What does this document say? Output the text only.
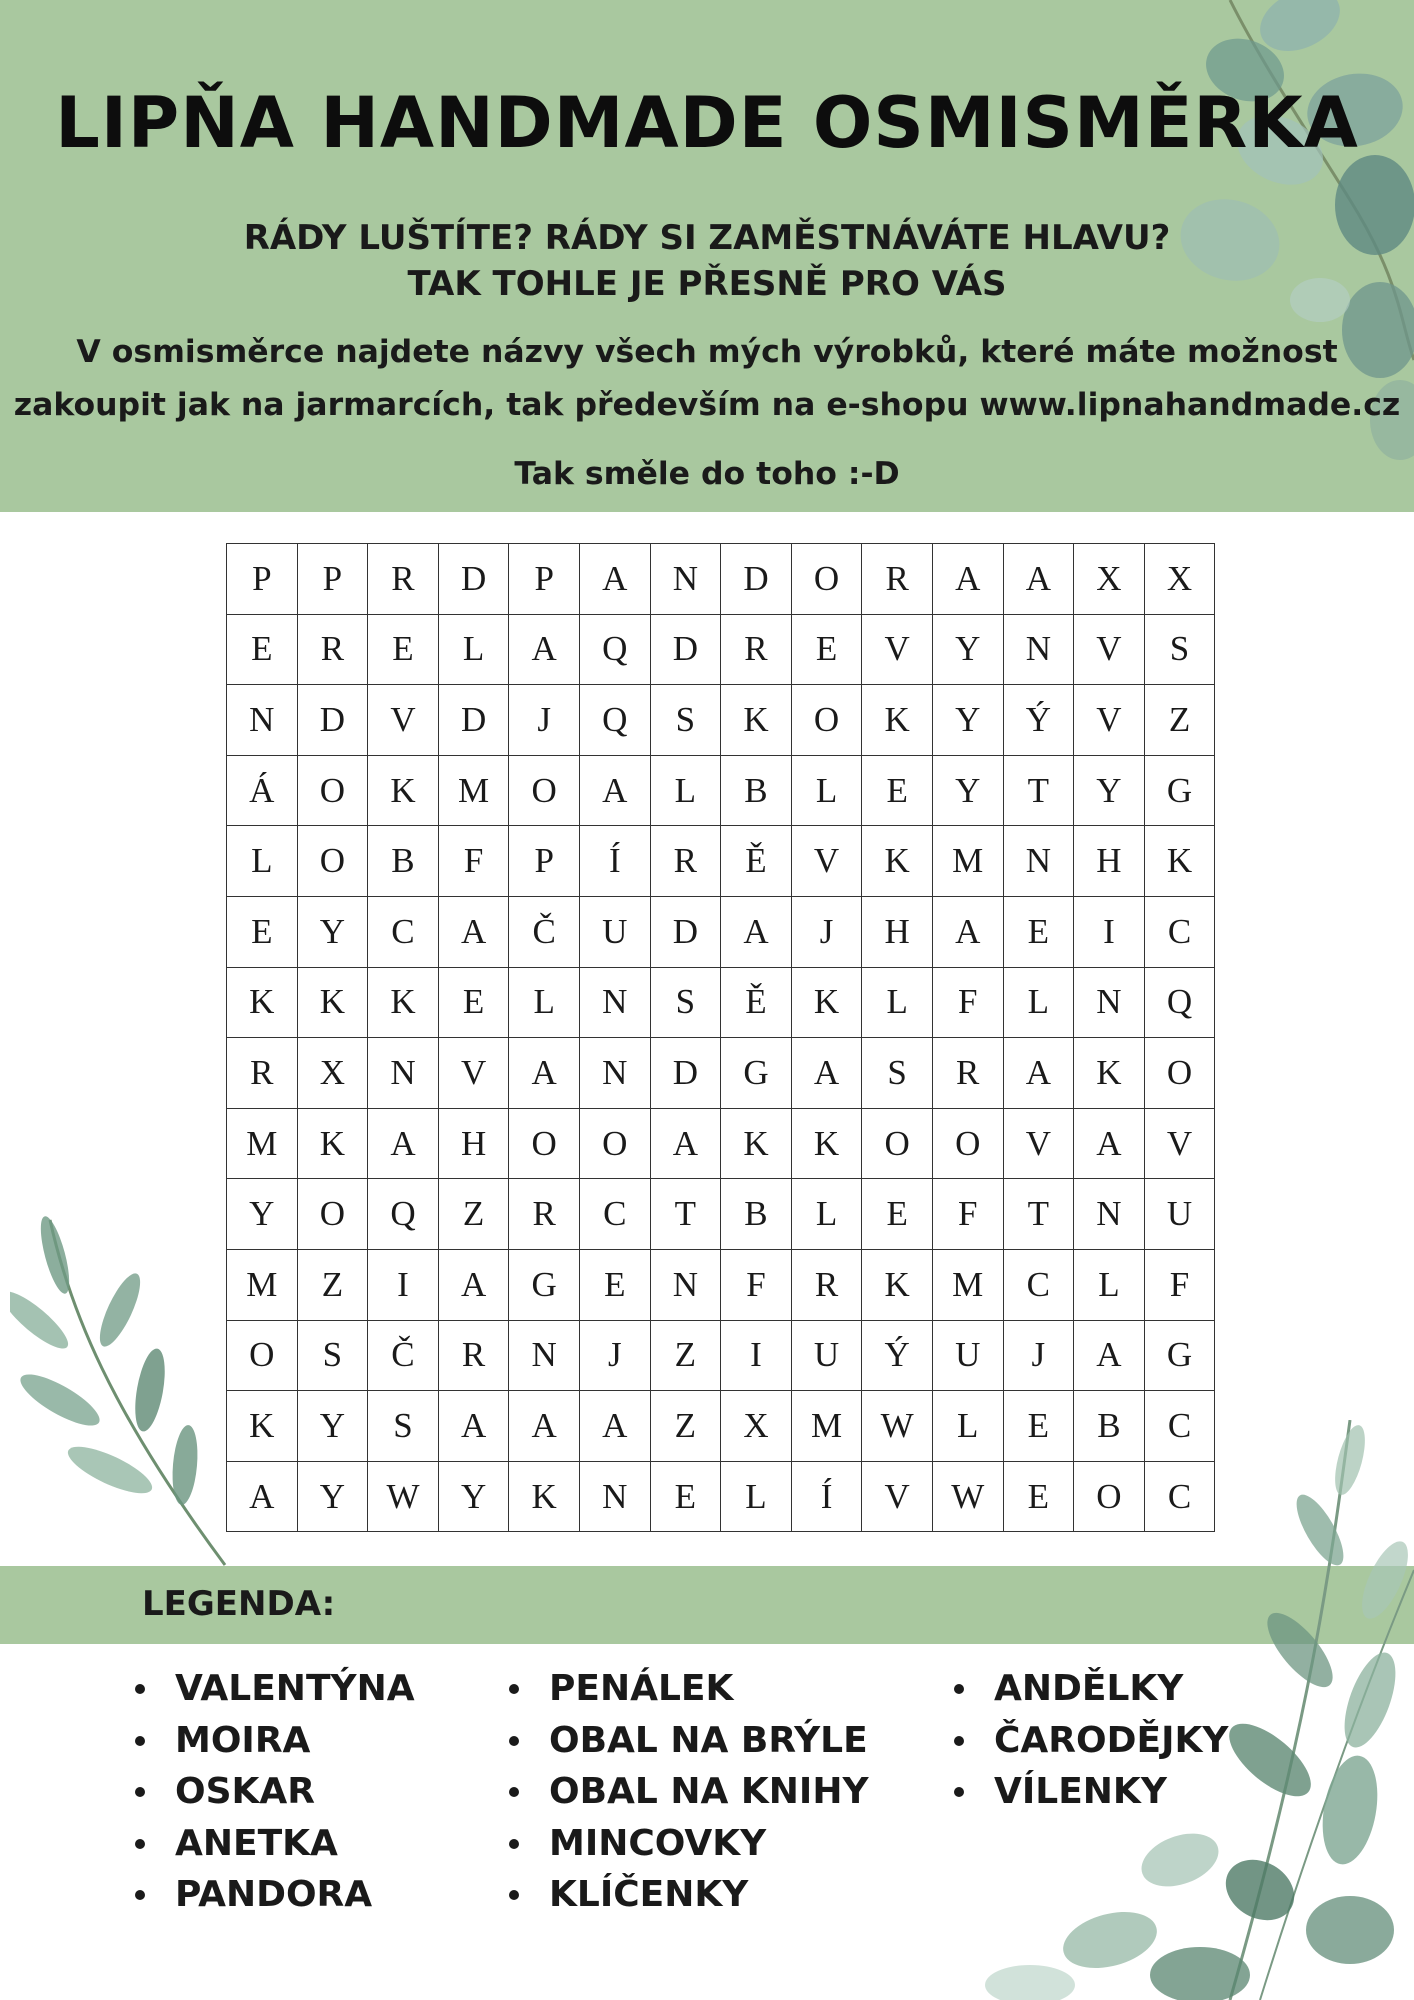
LIPŇA HANDMADE OSMISMĚRKA
RÁDY LUŠTÍTE? RÁDY SI ZAMĚSTNÁVÁTE HLAVU?
TAK TOHLE JE PŘESNĚ PRO VÁS
V osmisměrce najdete názvy všech mých výrobků, které máte možnost
zakoupit jak na jarmarcích, tak především na e-shopu www.lipnahandmade.cz
Tak směle do toho :-D
P	P	R	D	P	A	N	D	O	R	A	A	X	X
E	R	E	L	A	Q	D	R	E	V	Y	N	V	S
N	D	V	D	J	Q	S	K	O	K	Y	Ý	V	Z
Á	O	K	M	O	A	L	B	L	E	Y	T	Y	G
L	O	B	F	P	Í	R	Ě	V	K	M	N	H	K
E	Y	C	A	Č	U	D	A	J	H	A	E	I	C
K	K	K	E	L	N	S	Ě	K	L	F	L	N	Q
R	X	N	V	A	N	D	G	A	S	R	A	K	O
M	K	A	H	O	O	A	K	K	O	O	V	A	V
Y	O	Q	Z	R	C	T	B	L	E	F	T	N	U
M	Z	I	A	G	E	N	F	R	K	M	C	L	F
O	S	Č	R	N	J	Z	I	U	Ý	U	J	A	G
K	Y	S	A	A	A	Z	X	M	W	L	E	B	C
A	Y	W	Y	K	N	E	L	Í	V	W	E	O	C
LEGENDA:
VALENTÝNA
MOIRA
OSKAR
ANETKA
PANDORA
PENÁLEK
OBAL NA BRÝLE
OBAL NA KNIHY
MINCOVKY
KLÍČENKY
ANDĚLKY
ČARODĚJKY
VÍLENKY
